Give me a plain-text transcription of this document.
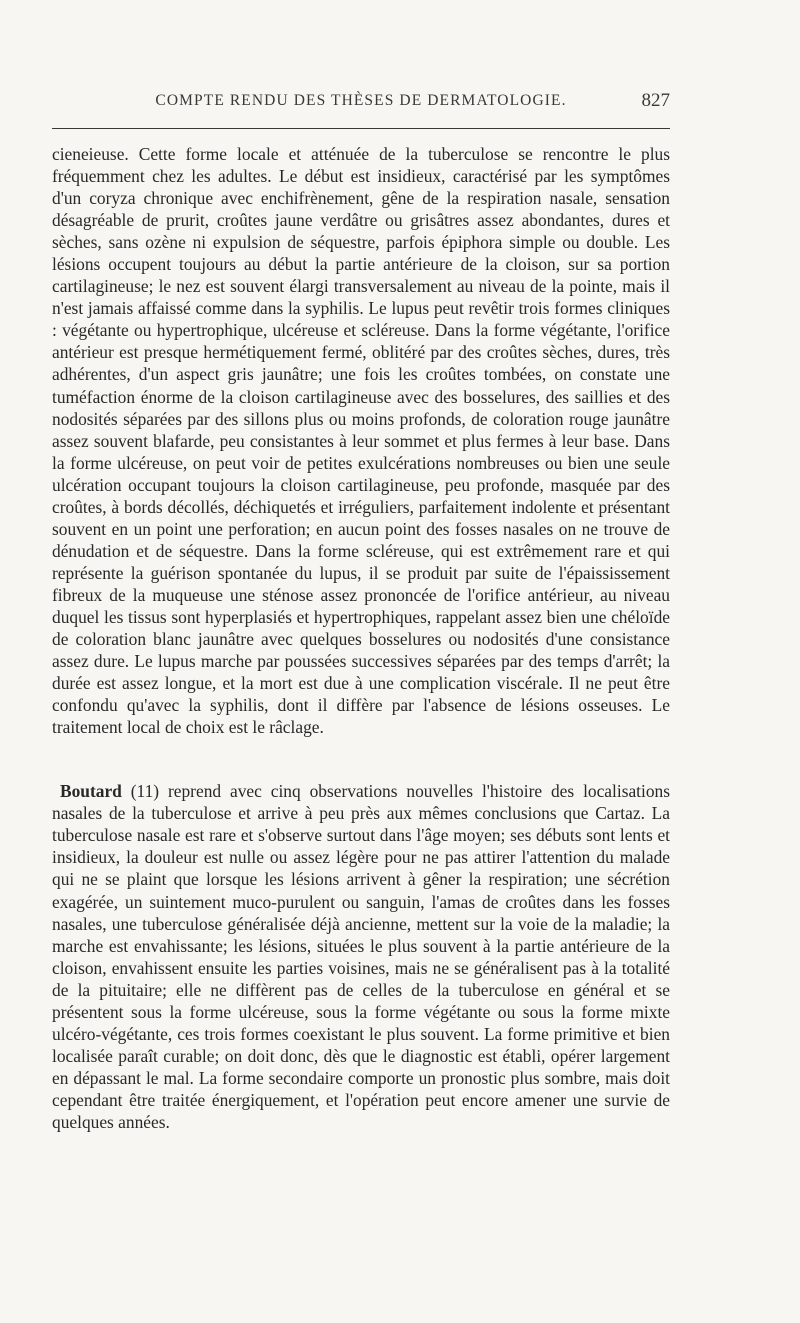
COMPTE RENDU DES THÈSES DE DERMATOLOGIE.	827

cieneieuse. Cette forme locale et atténuée de la tuberculose se rencontre le plus fréquemment chez les adultes. Le début est insidieux, caractérisé par les symptômes d'un coryza chronique avec enchifrènement, gêne de la respiration nasale, sensation désagréable de prurit, croûtes jaune verdâtre ou grisâtres assez abondantes, dures et sèches, sans ozène ni expulsion de séquestre, parfois épiphora simple ou double. Les lésions occupent toujours au début la partie antérieure de la cloison, sur sa portion cartilagineuse; le nez est souvent élargi transversalement au niveau de la pointe, mais il n'est jamais affaissé comme dans la syphilis. Le lupus peut revêtir trois formes cliniques : végétante ou hypertrophique, ulcéreuse et scléreuse. Dans la forme végétante, l'orifice antérieur est presque hermétiquement fermé, oblitéré par des croûtes sèches, dures, très adhérentes, d'un aspect gris jaunâtre; une fois les croûtes tombées, on constate une tuméfaction énorme de la cloison cartilagineuse avec des bosselures, des saillies et des nodosités séparées par des sillons plus ou moins profonds, de coloration rouge jaunâtre assez souvent blafarde, peu consistantes à leur sommet et plus fermes à leur base. Dans la forme ulcéreuse, on peut voir de petites exulcérations nombreuses ou bien une seule ulcération occupant toujours la cloison cartilagineuse, peu profonde, masquée par des croûtes, à bords décollés, déchiquetés et irréguliers, parfaitement indolente et présentant souvent en un point une perforation; en aucun point des fosses nasales on ne trouve de dénudation et de séquestre. Dans la forme scléreuse, qui est extrêmement rare et qui représente la guérison spontanée du lupus, il se produit par suite de l'épaississement fibreux de la muqueuse une sténose assez prononcée de l'orifice antérieur, au niveau duquel les tissus sont hyperplasiés et hypertrophiques, rappelant assez bien une chéloïde de coloration blanc jaunâtre avec quelques bosselures ou nodosités d'une consistance assez dure. Le lupus marche par poussées successives séparées par des temps d'arrêt; la durée est assez longue, et la mort est due à une complication viscérale. Il ne peut être confondu qu'avec la syphilis, dont il diffère par l'absence de lésions osseuses. Le traitement local de choix est le râclage.

Boutard (11) reprend avec cinq observations nouvelles l'histoire des localisations nasales de la tuberculose et arrive à peu près aux mêmes conclusions que Cartaz. La tuberculose nasale est rare et s'observe surtout dans l'âge moyen; ses débuts sont lents et insidieux, la douleur est nulle ou assez légère pour ne pas attirer l'attention du malade qui ne se plaint que lorsque les lésions arrivent à gêner la respiration; une sécrétion exagérée, un suintement muco-purulent ou sanguin, l'amas de croûtes dans les fosses nasales, une tuberculose généralisée déjà ancienne, mettent sur la voie de la maladie; la marche est envahissante; les lésions, situées le plus souvent à la partie antérieure de la cloison, envahissent ensuite les parties voisines, mais ne se généralisent pas à la totalité de la pituitaire; elle ne diffèrent pas de celles de la tuberculose en général et se présentent sous la forme ulcéreuse, sous la forme végétante ou sous la forme mixte ulcéro-végétante, ces trois formes coexistant le plus souvent. La forme primitive et bien localisée paraît curable; on doit donc, dès que le diagnostic est établi, opérer largement en dépassant le mal. La forme secondaire comporte un pronostic plus sombre, mais doit cependant être traitée énergiquement, et l'opération peut encore amener une survie de quelques années.
